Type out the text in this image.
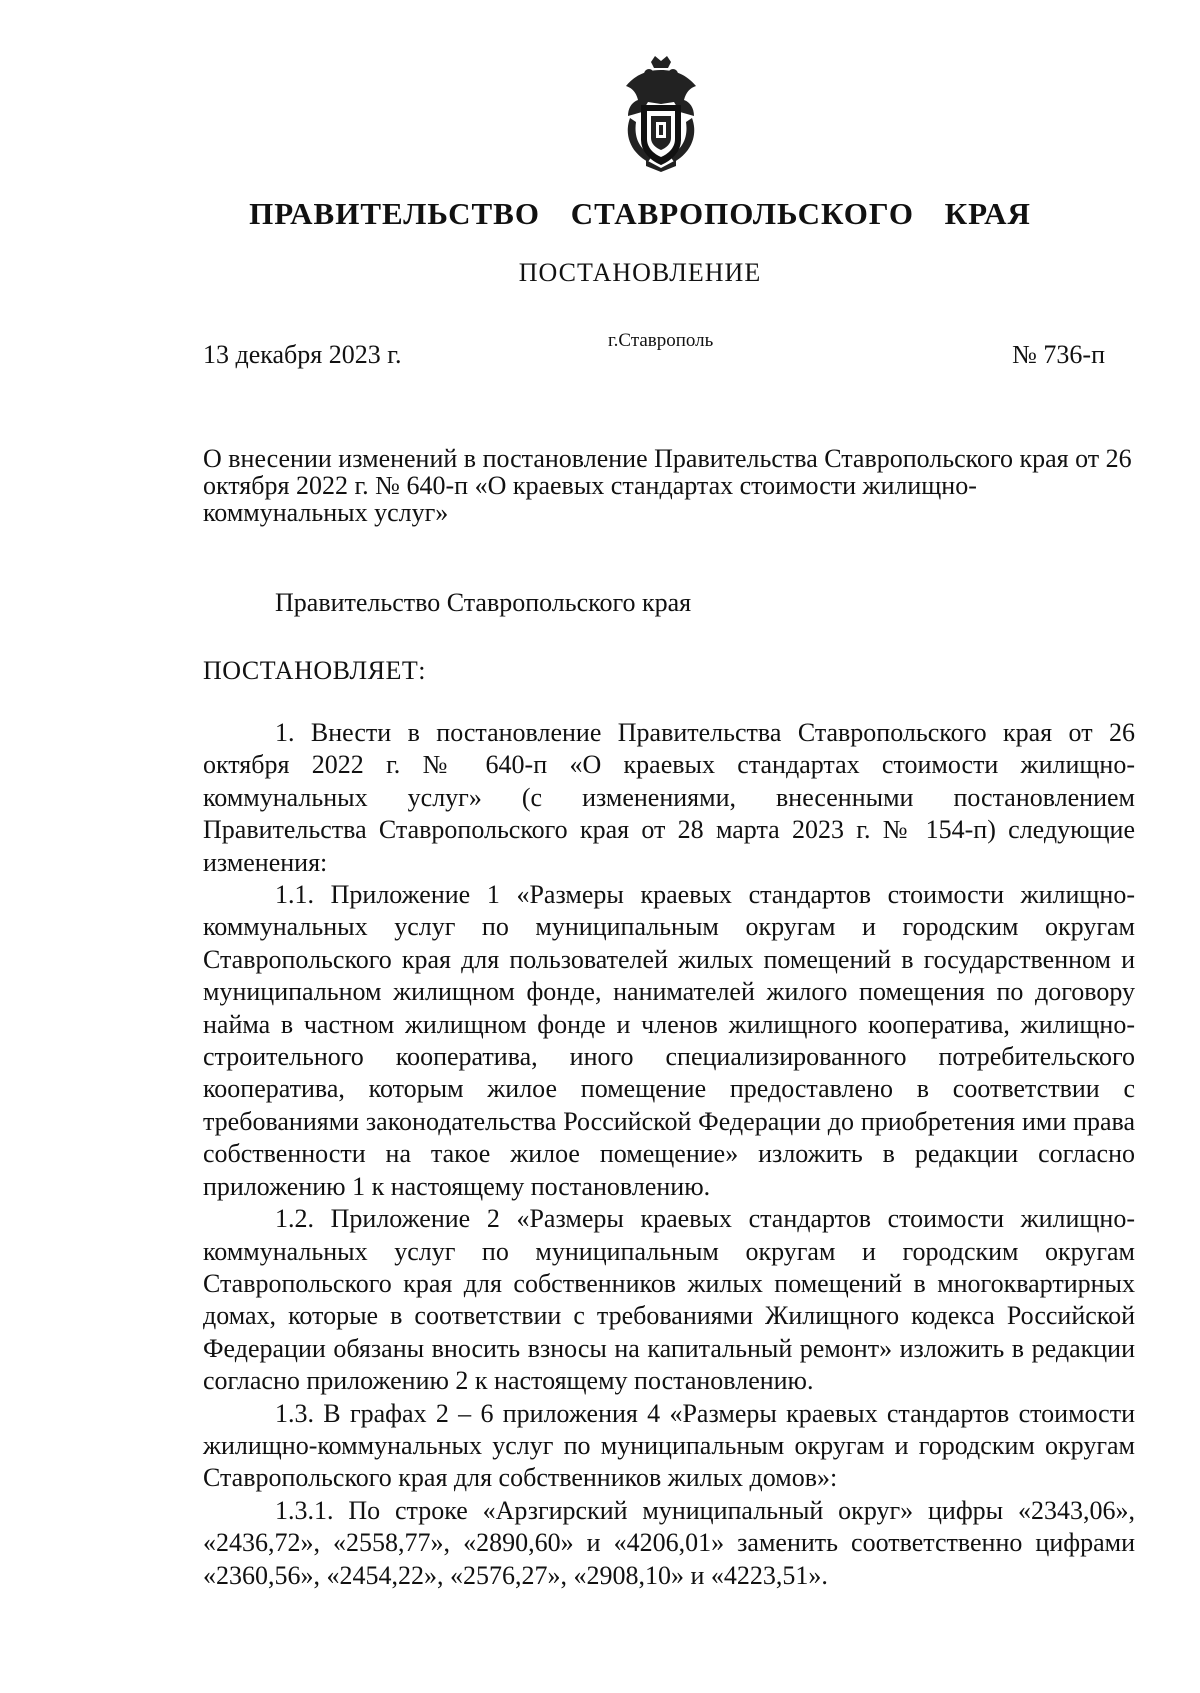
ПРАВИТЕЛЬСТВО СТАВРОПОЛЬСКОГО КРАЯ
ПОСТАНОВЛЕНИЕ
13 декабря 2023 г.	г.Ставрополь	№ 736-п

О внесении изменений в постановление Правительства Ставропольского края от 26 октября 2022 г. № 640-п «О краевых стандартах стоимости жилищно-коммунальных услуг»

Правительство Ставропольского края
ПОСТАНОВЛЯЕТ:

1. Внести в постановление Правительства Ставропольского края от 26 октября 2022 г. № 640-п «О краевых стандартах стоимости жилищно-коммунальных услуг» (с изменениями, внесенными постановлением Правительства Ставропольского края от 28 марта 2023 г. № 154-п) следующие изменения:

1.1. Приложение 1 «Размеры краевых стандартов стоимости жилищно-коммунальных услуг по муниципальным округам и городским округам Ставропольского края для пользователей жилых помещений в государственном и муниципальном жилищном фонде, нанимателей жилого помещения по договору найма в частном жилищном фонде и членов жилищного кооператива, жилищно-строительного кооператива, иного специализированного потребительского кооператива, которым жилое помещение предоставлено в соответствии с требованиями законодательства Российской Федерации до приобретения ими права собственности на такое жилое помещение» изложить в редакции согласно приложению 1 к настоящему постановлению.

1.2. Приложение 2 «Размеры краевых стандартов стоимости жилищно-коммунальных услуг по муниципальным округам и городским округам Ставропольского края для собственников жилых помещений в многоквартирных домах, которые в соответствии с требованиями Жилищного кодекса Российской Федерации обязаны вносить взносы на капитальный ремонт» изложить в редакции согласно приложению 2 к настоящему постановлению.

1.3. В графах 2 – 6 приложения 4 «Размеры краевых стандартов стоимости жилищно-коммунальных услуг по муниципальным округам и городским округам Ставропольского края для собственников жилых домов»:

1.3.1. По строке «Арзгирский муниципальный округ» цифры «2343,06», «2436,72», «2558,77», «2890,60» и «4206,01» заменить соответственно цифрами «2360,56», «2454,22», «2576,27», «2908,10» и «4223,51».
